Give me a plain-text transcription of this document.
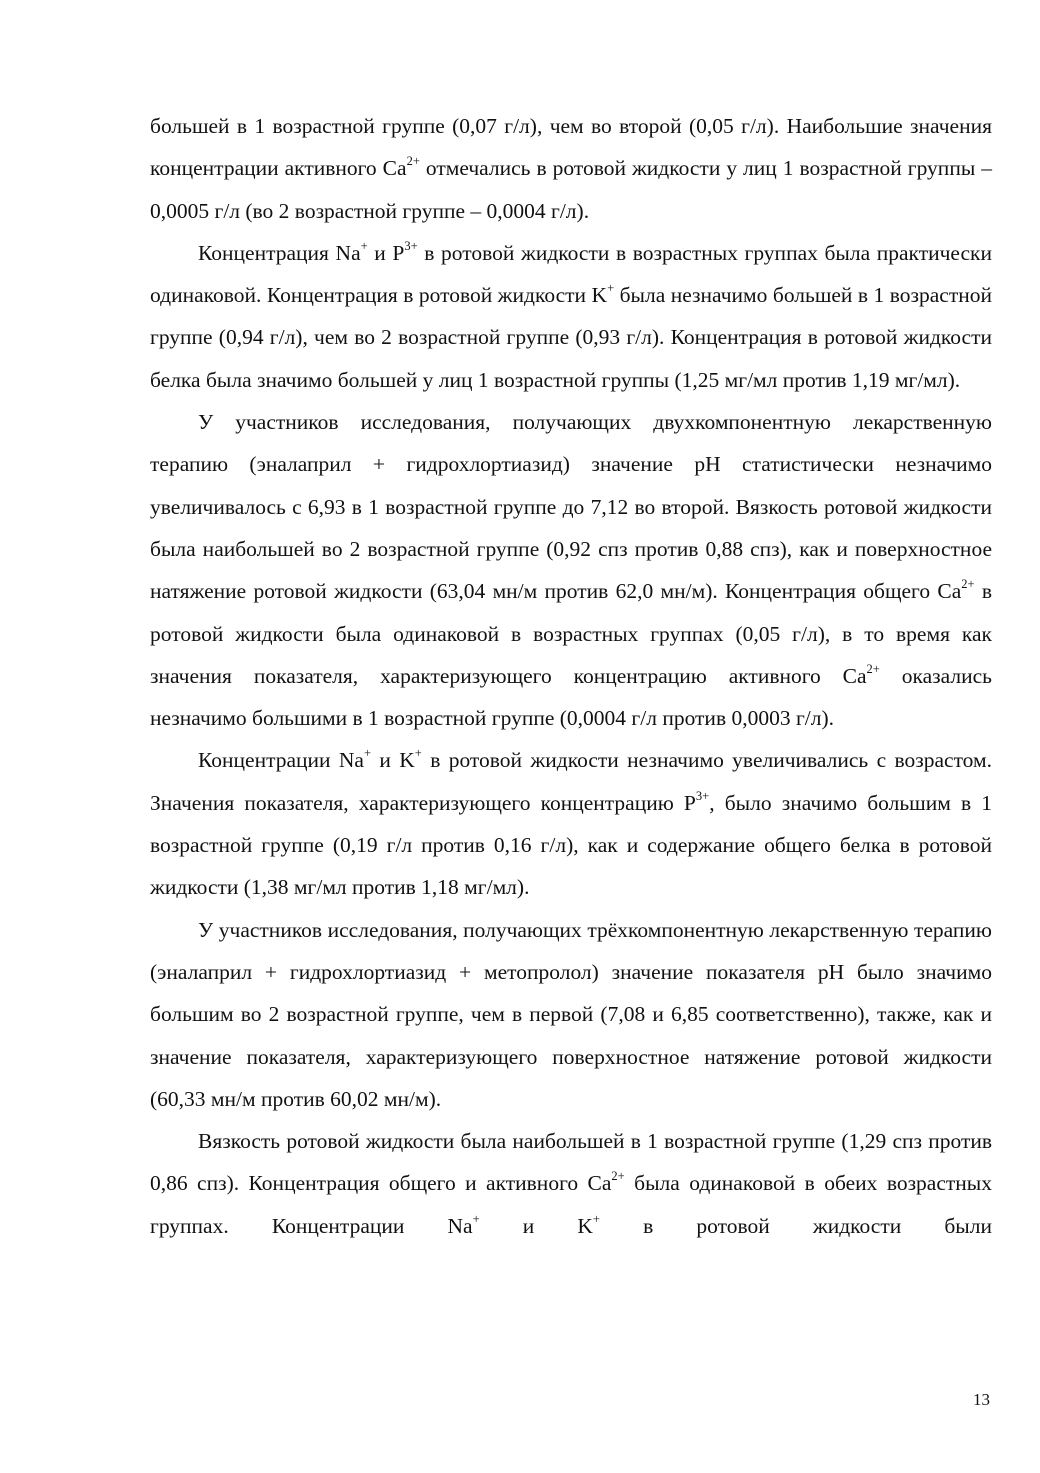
большей в 1 возрастной группе (0,07 г/л), чем во второй (0,05 г/л). Наибольшие значения концентрации активного $Ca^{2+}$ отмечались в ротовой жидкости у лиц 1 возрастной группы – 0,0005 г/л (во 2 возрастной группе – 0,0004 г/л).

Концентрация Na+ и $P^{3+}$ в ротовой жидкости в возрастных группах была практически одинаковой. Концентрация в ротовой жидкости K+ была незначимо большей в 1 возрастной группе (0,94 г/л), чем во 2 возрастной группе (0,93 г/л). Концентрация в ротовой жидкости белка была значимо большей у лиц 1 возрастной группы (1,25 мг/мл против 1,19 мг/мл).

У участников исследования, получающих двухкомпонентную лекарственную терапию (эналаприл + гидрохлортиазид) значение рН статистически незначимо увеличивалось с 6,93 в 1 возрастной группе до 7,12 во второй. Вязкость ротовой жидкости была наибольшей во 2 возрастной группе (0,92 спз против 0,88 спз), как и поверхностное натяжение ротовой жидкости (63,04 мн/м против 62,0 мн/м). Концентрация общего $Ca^{2+}$ в ротовой жидкости была одинаковой в возрастных группах (0,05 г/л), в то время как значения показателя, характеризующего концентрацию активного $Ca^{2+}$ оказались незначимо большими в 1 возрастной группе (0,0004 г/л против 0,0003 г/л).

Концентрации Na+ и K+ в ротовой жидкости незначимо увеличивались с возрастом. Значения показателя, характеризующего концентрацию $P^{3+}$, было значимо большим в 1 возрастной группе (0,19 г/л против 0,16 г/л), как и содержание общего белка в ротовой жидкости (1,38 мг/мл против 1,18 мг/мл).

У участников исследования, получающих трёхкомпонентную лекарственную терапию (эналаприл + гидрохлортиазид + метопролол) значение показателя рН было значимо большим во 2 возрастной группе, чем в первой (7,08 и 6,85 соответственно), также, как и значение показателя, характеризующего поверхностное натяжение ротовой жидкости (60,33 мн/м против 60,02 мн/м).

Вязкость ротовой жидкости была наибольшей в 1 возрастной группе (1,29 спз против 0,86 спз). Концентрация общего и активного $Ca^{2+}$ была одинаковой в обеих возрастных группах. Концентрации Na+ и K+ в ротовой жидкости были

13
